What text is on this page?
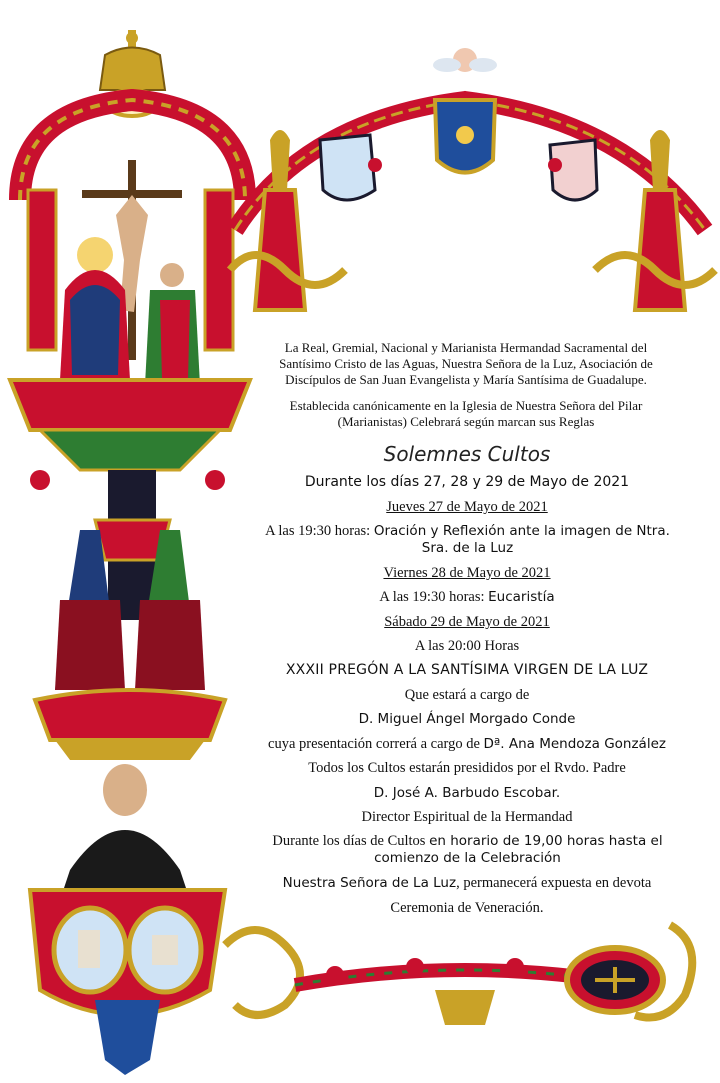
La Real, Gremial, Nacional y Marianista Hermandad Sacramental del Santísimo Cristo de las Aguas, Nuestra Señora de la Luz, Asociación de Discípulos de San Juan Evangelista y María Santísima de Guadalupe.
Establecida canónicamente en la Iglesia de Nuestra Señora del Pilar (Marianistas) Celebrará según marcan sus Reglas
Solemnes Cultos
Durante los días 27, 28 y 29 de Mayo de 2021
Jueves 27 de Mayo de 2021
A las 19:30 horas: Oración y Reflexión ante la imagen de Ntra. Sra. de la Luz
Viernes 28 de Mayo de 2021
A las 19:30 horas: Eucaristía
Sábado 29 de Mayo de 2021
A las 20:00 Horas
XXXII PREGÓN A LA SANTÍSIMA VIRGEN DE LA LUZ
Que estará a cargo de
D. Miguel Ángel Morgado Conde
cuya presentación correrá a cargo de Dª. Ana Mendoza González
Todos los Cultos estarán presididos por el Rvdo. Padre
D. José A. Barbudo Escobar.
Director Espiritual de la Hermandad
Durante los días de Cultos en horario de 19,00 horas hasta el comienzo de la Celebración
Nuestra Señora de La Luz, permanecerá expuesta en devota
Ceremonia de Veneración.
